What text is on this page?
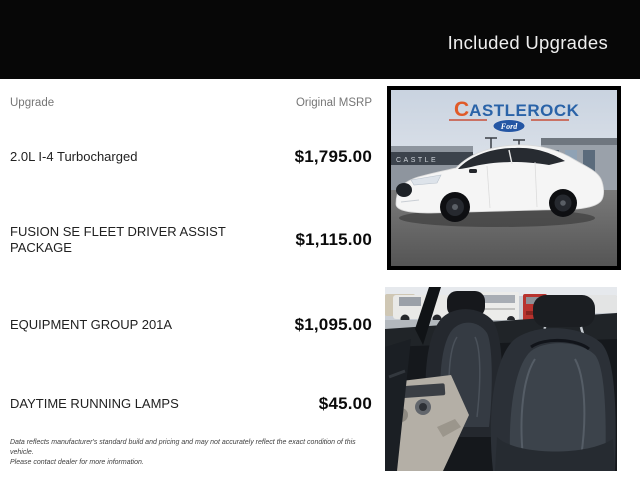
Included Upgrades
Upgrade	Original MSRP
2.0L I-4 Turbocharged	$1,795.00
FUSION SE FLEET DRIVER ASSIST PACKAGE	$1,115.00
EQUIPMENT GROUP 201A	$1,095.00
DAYTIME RUNNING LAMPS	$45.00
Data reflects manufacturer's standard build and pricing and may not accurately reflect the exact condition of this vehicle.
Please contact dealer for more information.
CASTLE
CASTLEROCK
Ford
